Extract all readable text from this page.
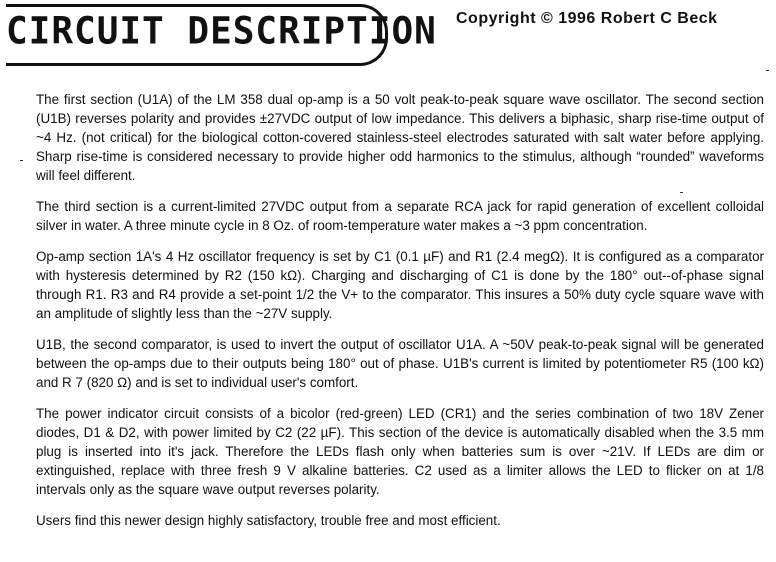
CIRCUIT DESCRIPTION Copyright © 1996 Robert C Beck

The first section (U1A) of the LM 358 dual op-amp is a 50 volt peak-to-peak square wave oscillator. The second section (U1B) reverses polarity and provides ±27VDC output of low impedance. This delivers a biphasic, sharp rise-time output of ~4 Hz. (not critical) for the biological cotton-covered stainless-steel electrodes saturated with salt water before applying. Sharp rise-time is considered necessary to provide higher odd harmonics to the stimulus, although “rounded” waveforms will feel different.

The third section is a current-limited 27VDC output from a separate RCA jack for rapid generation of excellent colloidal silver in water. A three minute cycle in 8 Oz. of room-temperature water makes a ~3 ppm concentration.

Op-amp section 1A's 4 Hz oscillator frequency is set by C1 (0.1 µF) and R1 (2.4 megΩ). It is configured as a comparator with hysteresis determined by R2 (150 kΩ). Charging and discharging of C1 is done by the 180° out--of-phase signal through R1. R3 and R4 provide a set-point 1/2 the V+ to the comparator. This insures a 50% duty cycle square wave with an amplitude of slightly less than the ~27V supply.

U1B, the second comparator, is used to invert the output of oscillator U1A. A ~50V peak-to-peak signal will be generated between the op-amps due to their outputs being 180° out of phase. U1B's current is limited by potentiometer R5 (100 kΩ) and R 7 (820 Ω) and is set to individual user's comfort.

The power indicator circuit consists of a bicolor (red-green) LED (CR1) and the series combination of two 18V Zener diodes, D1 & D2, with power limited by C2 (22 µF). This section of the device is automatically disabled when the 3.5 mm plug is inserted into it's jack. Therefore the LEDs flash only when batteries sum is over ~21V. If LEDs are dim or extinguished, replace with three fresh 9 V alkaline batteries. C2 used as a limiter allows the LED to flicker on at 1/8 intervals only as the square wave output reverses polarity.

Users find this newer design highly satisfactory, trouble free and most efficient.
